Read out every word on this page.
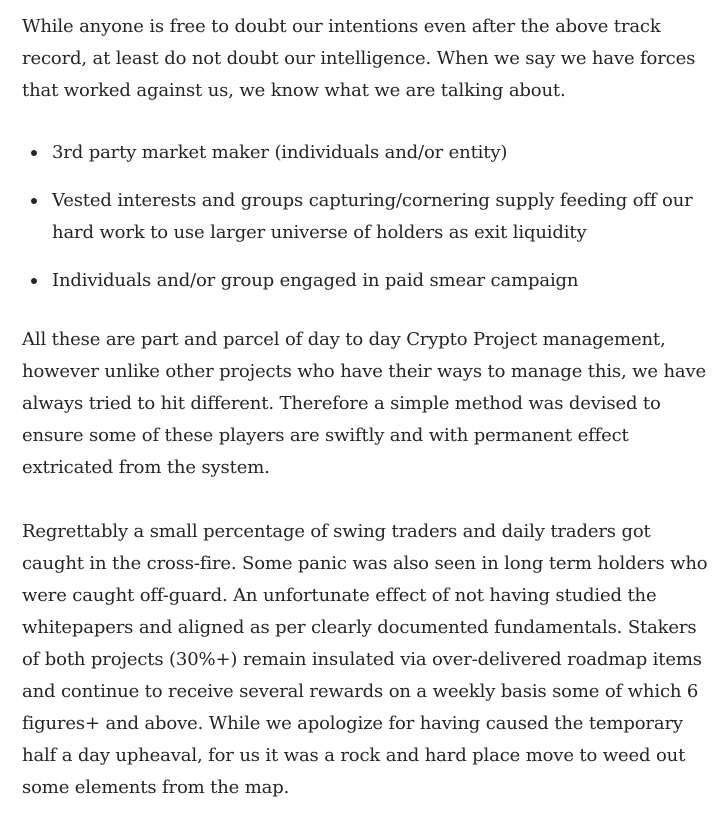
While anyone is free to doubt our intentions even after the above track record, at least do not doubt our intelligence. When we say we have forces that worked against us, we know what we are talking about.

3rd party market maker (individuals and/or entity)
Vested interests and groups capturing/cornering supply feeding off our hard work to use larger universe of holders as exit liquidity
Individuals and/or group engaged in paid smear campaign

All these are part and parcel of day to day Crypto Project management, however unlike other projects who have their ways to manage this, we have always tried to hit different. Therefore a simple method was devised to ensure some of these players are swiftly and with permanent effect extricated from the system.

Regrettably a small percentage of swing traders and daily traders got caught in the cross-fire. Some panic was also seen in long term holders who were caught off-guard. An unfortunate effect of not having studied the whitepapers and aligned as per clearly documented fundamentals. Stakers of both projects (30%+) remain insulated via over-delivered roadmap items and continue to receive several rewards on a weekly basis some of which 6 figures+ and above. While we apologize for having caused the temporary half a day upheaval, for us it was a rock and hard place move to weed out some elements from the map.
